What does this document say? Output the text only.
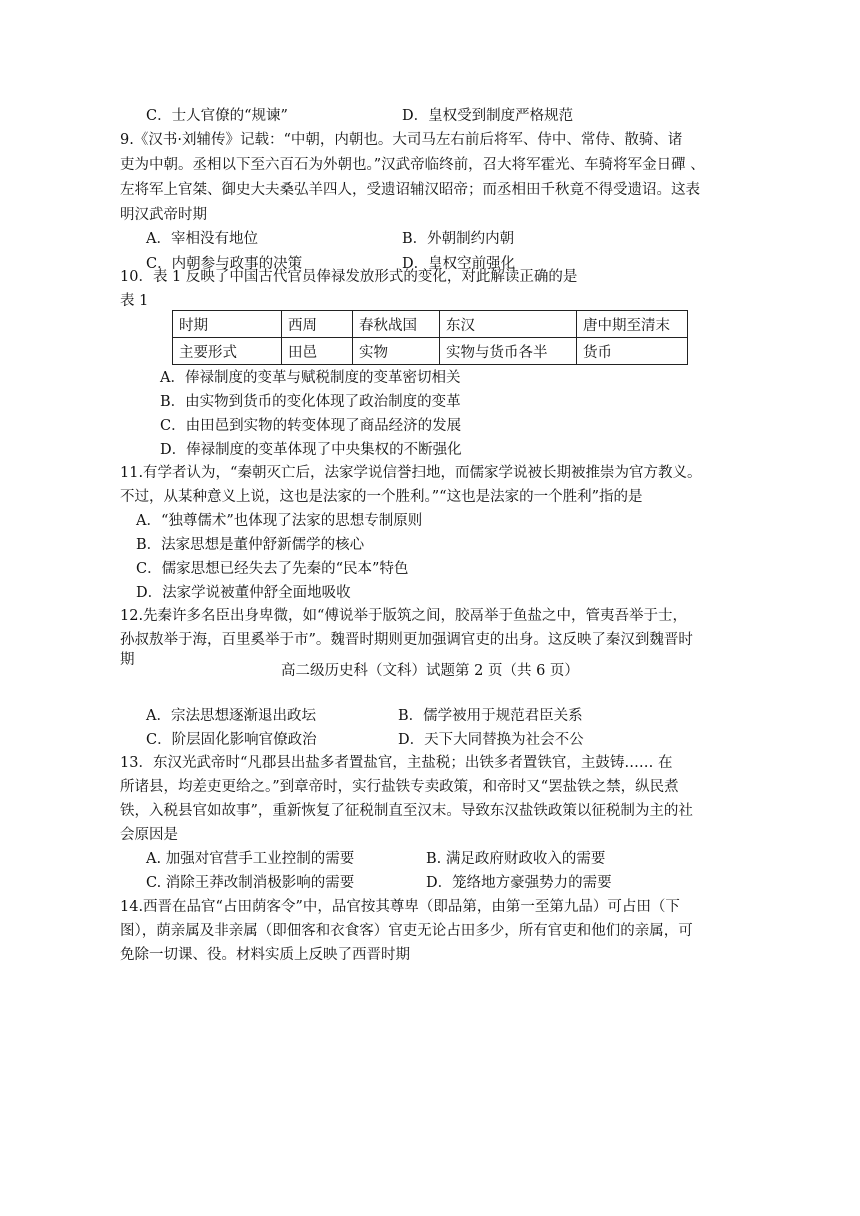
C．士人官僚的“规谏”	D．皇权受到制度严格规范
9.《汉书·刘辅传》记载：“中朝，内朝也。大司马左右前后将军、侍中、常侍、散骑、诸
吏为中朝。丞相以下至六百石为外朝也。”汉武帝临终前，召大将军霍光、车骑将军金日磾 、
左将军上官桀、御史大夫桑弘羊四人，受遗诏辅汉昭帝；而丞相田千秋竟不得受遗诏。这表
明汉武帝时期
A．宰相没有地位	B．外朝制约内朝
C．内朝参与政事的决策	D．皇权空前强化
10．表 1 反映了中国古代官员俸禄发放形式的变化，对此解读正确的是
表 1
时期	西周	春秋战国	东汉	唐中期至清末
主要形式	田邑	实物	实物与货币各半	货币
A．俸禄制度的变革与赋税制度的变革密切相关
B．由实物到货币的变化体现了政治制度的变革
C．由田邑到实物的转变体现了商品经济的发展
D．俸禄制度的变革体现了中央集权的不断强化
11.有学者认为，“秦朝灭亡后，法家学说信誉扫地，而儒家学说被长期被推崇为官方教义。
不过，从某种意义上说，这也是法家的一个胜利。”“这也是法家的一个胜利”指的是
A．“独尊儒术”也体现了法家的思想专制原则
B．法家思想是董仲舒新儒学的核心
C．儒家思想已经失去了先秦的“民本”特色
D．法家学说被董仲舒全面地吸收
12.先秦许多名臣出身卑微，如“傅说举于版筑之间，胶鬲举于鱼盐之中，管夷吾举于士，
孙叔敖举于海，百里奚举于市”。魏晋时期则更加强调官吏的出身。这反映了秦汉到魏晋时
期
高二级历史科（文科）试题第 2 页（共 6 页）
A．宗法思想逐渐退出政坛	B．儒学被用于规范君臣关系
C．阶层固化影响官僚政治	D．天下大同替换为社会不公
13．东汉光武帝时“凡郡县出盐多者置盐官，主盐税；出铁多者置铁官，主鼓铸…… 在
所诸县，均差吏更给之。”到章帝时，实行盐铁专卖政策，和帝时又“罢盐铁之禁，纵民煮
铁，入税县官如故事”，重新恢复了征税制直至汉末。导致东汉盐铁政策以征税制为主的社
会原因是
A. 加强对官营手工业控制的需要	B. 满足政府财政收入的需要
C. 消除王莽改制消极影响的需要	D．笼络地方豪强势力的需要
14.西晋在品官“占田荫客令”中，品官按其尊卑（即品第，由第一至第九品）可占田（下
图），荫亲属及非亲属（即佃客和衣食客）官吏无论占田多少，所有官吏和他们的亲属，可
免除一切课、役。材料实质上反映了西晋时期
